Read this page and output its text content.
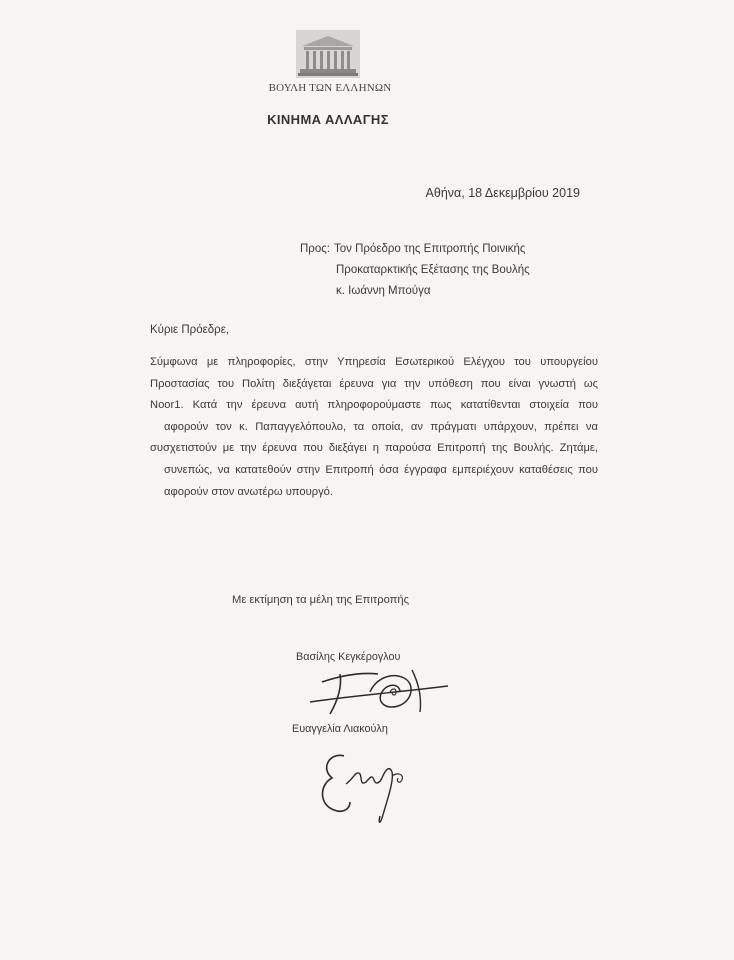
ΒΟΥΛΗ ΤΩΝ ΕΛΛΗΝΩΝ
ΚΙΝΗΜΑ ΑΛΛΑΓΗΣ
Αθήνα, 18 Δεκεμβρίου 2019
Προς: Τον Πρόεδρο της Επιτροπής Ποινικής
Προκαταρκτικής Εξέτασης της Βουλής
κ. Ιωάννη Μπούγα
Κύριε Πρόεδρε,
Σύμφωνα με πληροφορίες, στην Υπηρεσία Εσωτερικού Ελέγχου του υπουργείου
Προστασίας του Πολίτη διεξάγεται έρευνα για την υπόθεση που είναι γνωστή ως
Noor1. Κατά την έρευνα αυτή πληροφορούμαστε πως κατατίθενται στοιχεία που
αφορούν τον κ. Παπαγγελόπουλο, τα οποία, αν πράγματι υπάρχουν, πρέπει να
συσχετιστούν με την έρευνα που διεξάγει η παρούσα Επιτροπή της Βουλής. Ζητάμε,
συνεπώς, να κατατεθούν στην Επιτροπή όσα έγγραφα εμπεριέχουν καταθέσεις που
αφορούν στον ανωτέρω υπουργό.
Με εκτίμηση τα μέλη της Επιτροπής
Βασίλης Κεγκέρογλου
Ευαγγελία Λιακούλη
